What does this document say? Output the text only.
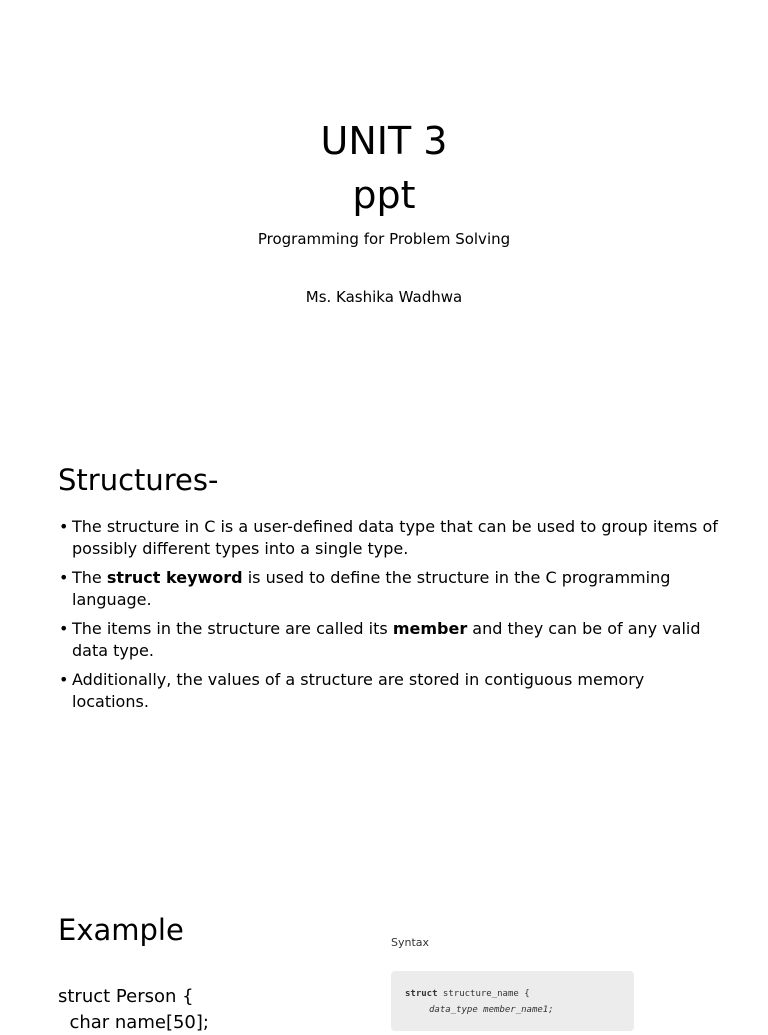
UNIT 3
ppt
Programming for Problem Solving
Ms. Kashika Wadhwa
Structures-
• The structure in C is a user-defined data type that can be used to group items of possibly different types into a single type.
• The struct keyword is used to define the structure in the C programming language.
• The items in the structure are called its member and they can be of any valid data type.
• Additionally, the values of a structure are stored in contiguous memory locations.
Example
struct Person {
char name[50];
Syntax
struct structure_name {
data_type member_name1;
